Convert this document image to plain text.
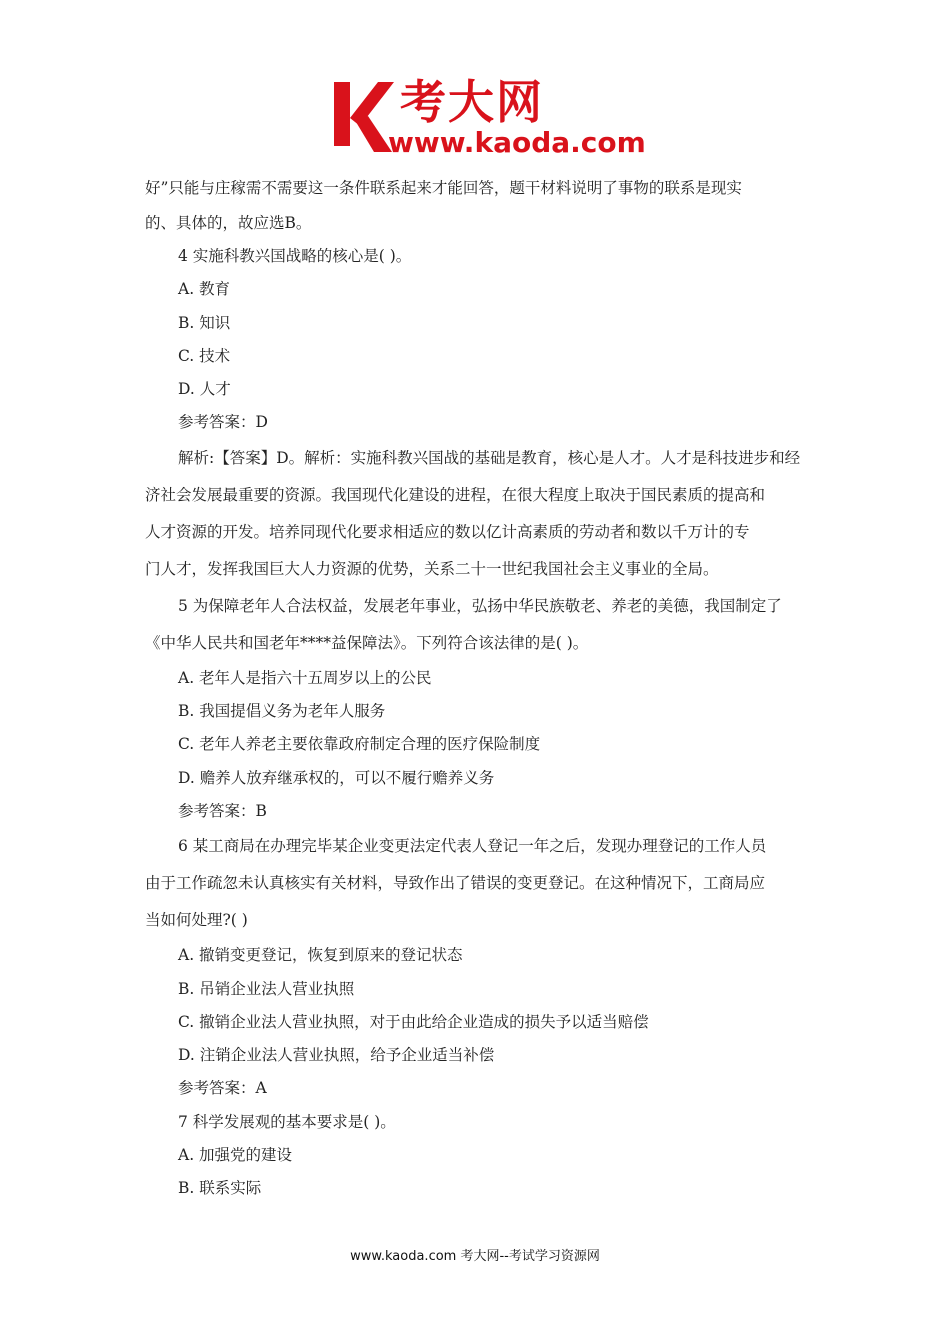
考大网
www.kaoda.com

好”只能与庄稼需不需要这一条件联系起来才能回答，题干材料说明了事物的联系是现实

的、具体的，故应选B。

4 实施科教兴国战略的核心是( )。

A. 教育

B. 知识

C. 技术

D. 人才

参考答案：D

解析:【答案】D。解析：实施科教兴国战的基础是教育，核心是人才。人才是科技进步和经

济社会发展最重要的资源。我国现代化建设的进程，在很大程度上取决于国民素质的提高和

人才资源的开发。培养同现代化要求相适应的数以亿计高素质的劳动者和数以千万计的专

门人才，发挥我国巨大人力资源的优势，关系二十一世纪我国社会主义事业的全局。

5 为保障老年人合法权益，发展老年事业，弘扬中华民族敬老、养老的美德，我国制定了

《中华人民共和国老年****益保障法》。下列符合该法律的是( )。

A. 老年人是指六十五周岁以上的公民

B. 我国提倡义务为老年人服务

C. 老年人养老主要依靠政府制定合理的医疗保险制度

D. 赡养人放弃继承权的，可以不履行赡养义务

参考答案：B

6 某工商局在办理完毕某企业变更法定代表人登记一年之后，发现办理登记的工作人员

由于工作疏忽未认真核实有关材料，导致作出了错误的变更登记。在这种情况下，工商局应

当如何处理?( )

A. 撤销变更登记，恢复到原来的登记状态

B. 吊销企业法人营业执照

C. 撤销企业法人营业执照，对于由此给企业造成的损失予以适当赔偿

D. 注销企业法人营业执照，给予企业适当补偿

参考答案：A

7 科学发展观的基本要求是( )。

A. 加强党的建设

B. 联系实际

www.kaoda.com 考大网--考试学习资源网
